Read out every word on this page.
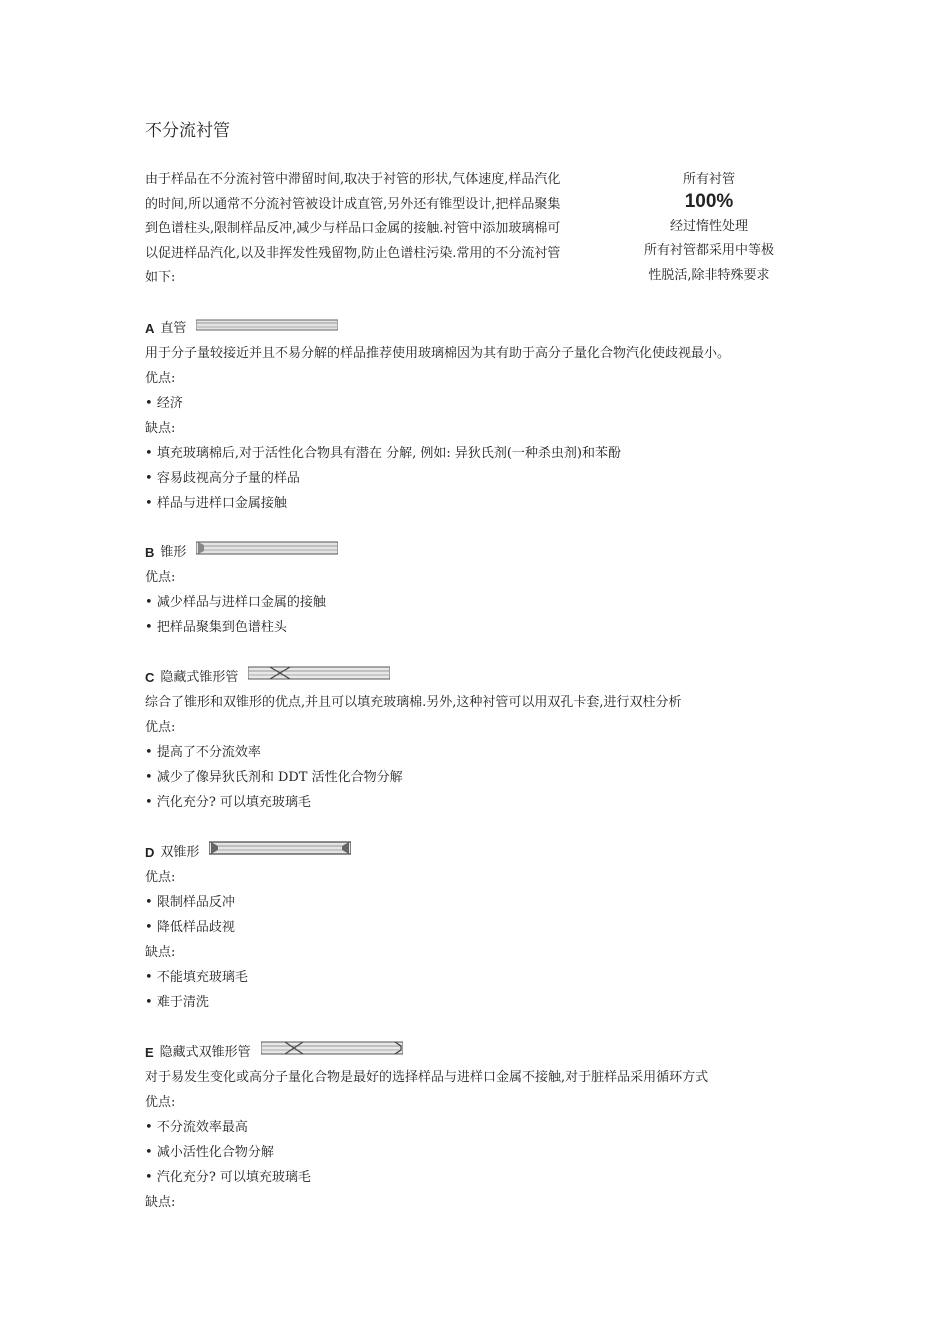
不分流衬管
由于样品在不分流衬管中滞留时间,取决于衬管的形状,气体速度,样品汽化
的时间,所以通常不分流衬管被设计成直管,另外还有锥型设计,把样品聚集
到色谱柱头,限制样品反冲,减少与样品口金属的接触.衬管中添加玻璃棉可
以促进样品汽化,以及非挥发性残留物,防止色谱柱污染.常用的不分流衬管
如下:
所有衬管
100%
经过惰性处理
所有衬管都采用中等极
性脱活,除非特殊要求
A 直管
用于分子量较接近并且不易分解的样品推荐使用玻璃棉因为其有助于高分子量化合物汽化使歧视最小。
优点:
• 经济
缺点:
• 填充玻璃棉后,对于活性化合物具有潜在 分解, 例如: 异狄氏剂(一种杀虫剂)和苯酚
• 容易歧视高分子量的样品
• 样品与进样口金属接触
B 锥形
优点:
• 减少样品与进样口金属的接触
• 把样品聚集到色谱柱头
C 隐藏式锥形管
综合了锥形和双锥形的优点,并且可以填充玻璃棉.另外,这种衬管可以用双孔卡套,进行双柱分析
优点:
• 提高了不分流效率
• 减少了像异狄氏剂和 DDT 活性化合物分解
• 汽化充分? 可以填充玻璃毛
D 双锥形
优点:
• 限制样品反冲
• 降低样品歧视
缺点:
• 不能填充玻璃毛
• 难于清洗
E 隐藏式双锥形管
对于易发生变化或高分子量化合物是最好的选择样品与进样口金属不接触,对于脏样品采用循环方式
优点:
• 不分流效率最高
• 减小活性化合物分解
• 汽化充分? 可以填充玻璃毛
缺点:
